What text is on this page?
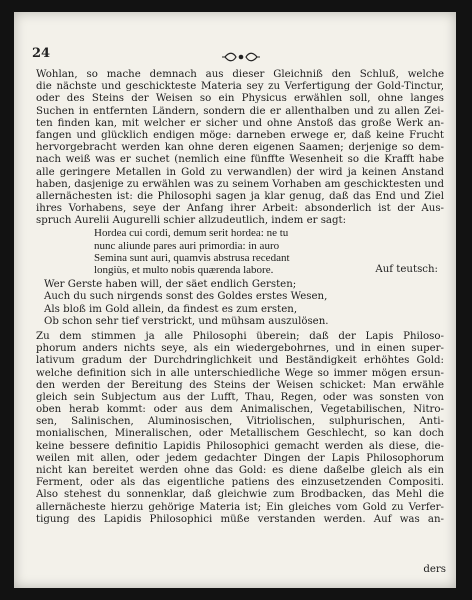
24
Wohlan, so mache demnach aus dieser Gleichniß den Schluß, welche
die nächste und geschickteste Materia sey zu Verfertigung der Gold-Tinctur,
oder des Steins der Weisen so ein Physicus erwählen soll, ohne langes
Suchen in entfernten Ländern, sondern die er allenthalben und zu allen Zei-
ten finden kan, mit welcher er sicher und ohne Anstoß das große Werk an-
fangen und glücklich endigen möge: darneben erwege er, daß keine Frucht
hervorgebracht werden kan ohne deren eigenen Saamen; derjenige so dem-
nach weiß was er suchet (nemlich eine fünffte Wesenheit so die Krafft habe
alle geringere Metallen in Gold zu verwandlen) der wird ja keinen Anstand
haben, dasjenige zu erwählen was zu seinem Vorhaben am geschicktesten und
allernächesten ist: die Philosophi sagen ja klar genug, daß das End und Ziel
ihres Vorhabens, seye der Anfang ihrer Arbeit: absonderlich ist der Aus-
spruch Aurelii Augurelli schier allzudeutlich, indem er sagt:
Hordea cui cordi, demum serit hordea: ne tu
nunc aliunde pares auri primordia: in auro
Semina sunt auri, quamvis abstrusa recedant
longiùs, et multo nobis quærenda labore.	Auf teutsch:
Wer Gerste haben will, der säet endlich Gersten;
Auch du such nirgends sonst des Goldes erstes Wesen,
Als bloß im Gold allein, da findest es zum ersten,
Ob schon sehr tief verstrickt, und mühsam auszulösen.
Zu dem stimmen ja alle Philosophi überein; daß der Lapis Philoso-
phorum anders nichts seye, als ein wiedergebohrnes, und in einen super-
lativum gradum der Durchdringlichkeit und Beständigkeit erhöhtes Gold:
welche definition sich in alle unterschiedliche Wege so immer mögen ersun-
den werden der Bereitung des Steins der Weisen schicket: Man erwähle
gleich sein Subjectum aus der Lufft, Thau, Regen, oder was sonsten von
oben herab kommt: oder aus dem Animalischen, Vegetabilischen, Nitro-
sen, Salinischen, Aluminosischen, Vitriolischen, sulphurischen, Anti-
monialischen, Mineralischen, oder Metallischem Geschlecht, so kan doch
keine bessere definitio Lapidis Philosophici gemacht werden als diese, die-
weilen mit allen, oder jedem gedachter Dingen der Lapis Philosophorum
nicht kan bereitet werden ohne das Gold: es diene daßelbe gleich als ein
Ferment, oder als das eigentliche patiens des einzusetzenden Compositi.
Also stehest du sonnenklar, daß gleichwie zum Brodbacken, das Mehl die
allernächeste hierzu gehörige Materia ist; Ein gleiches vom Gold zu Verfer-
tigung des Lapidis Philosophici müße verstanden werden. Auf was an-
ders
